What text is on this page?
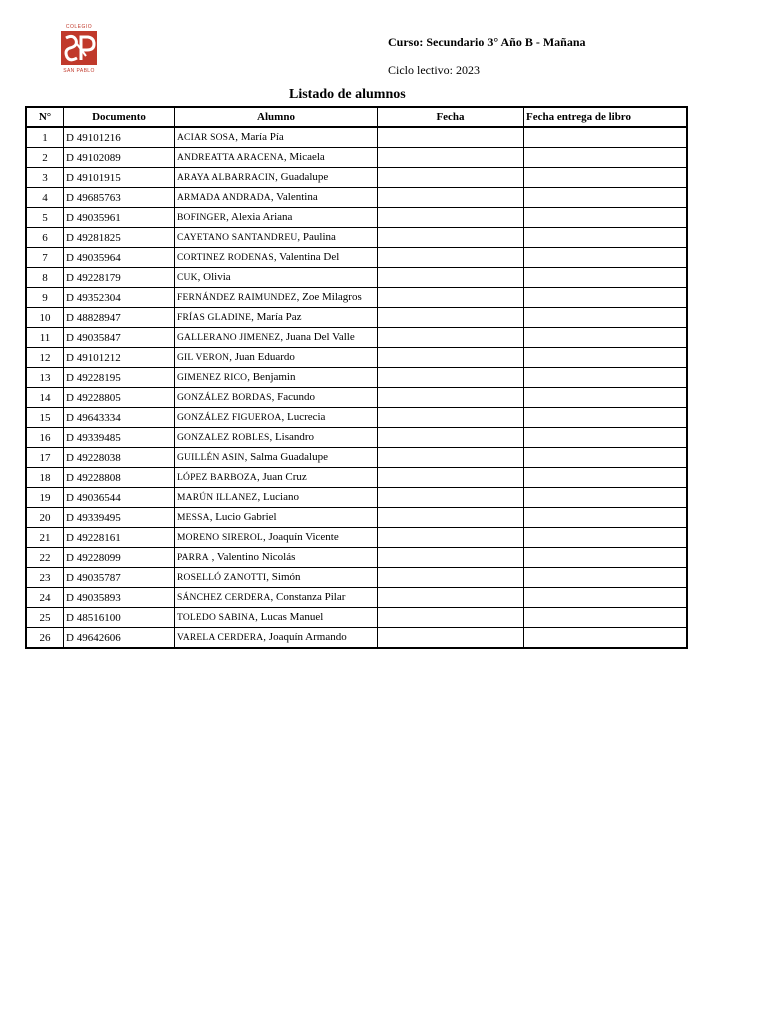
COLEGIO
SAN PABLO
Curso: Secundario 3° Año B - Mañana
Ciclo lectivo: 2023
Listado de alumnos
N°	Documento	Alumno	Fecha	Fecha entrega de libro
1	D 49101216	ACIAR SOSA, María Pía		
2	D 49102089	ANDREATTA ARACENA, Micaela		
3	D 49101915	ARAYA ALBARRACIN, Guadalupe		
4	D 49685763	ARMADA ANDRADA, Valentina		
5	D 49035961	BOFINGER, Alexia Ariana		
6	D 49281825	CAYETANO SANTANDREU, Paulina		
7	D 49035964	CORTINEZ RODENAS, Valentina Del		
8	D 49228179	CUK, Olivia		
9	D 49352304	FERNÁNDEZ RAIMUNDEZ, Zoe Milagros		
10	D 48828947	FRÍAS GLADINE, María Paz		
11	D 49035847	GALLERANO JIMENEZ, Juana Del Valle		
12	D 49101212	GIL VERON, Juan Eduardo		
13	D 49228195	GIMENEZ RICO, Benjamin		
14	D 49228805	GONZÁLEZ BORDAS, Facundo		
15	D 49643334	GONZÁLEZ FIGUEROA, Lucrecia		
16	D 49339485	GONZALEZ ROBLES, Lisandro		
17	D 49228038	GUILLÉN ASIN, Salma Guadalupe		
18	D 49228808	LÓPEZ BARBOZA, Juan Cruz		
19	D 49036544	MARÚN ILLANEZ, Luciano		
20	D 49339495	MESSA, Lucio Gabriel		
21	D 49228161	MORENO SIREROL, Joaquín Vicente		
22	D 49228099	PARRA , Valentino Nicolás		
23	D 49035787	ROSELLÓ ZANOTTI, Simón		
24	D 49035893	SÁNCHEZ CERDERA, Constanza Pilar		
25	D 48516100	TOLEDO SABINA, Lucas Manuel		
26	D 49642606	VARELA CERDERA, Joaquín Armando		
